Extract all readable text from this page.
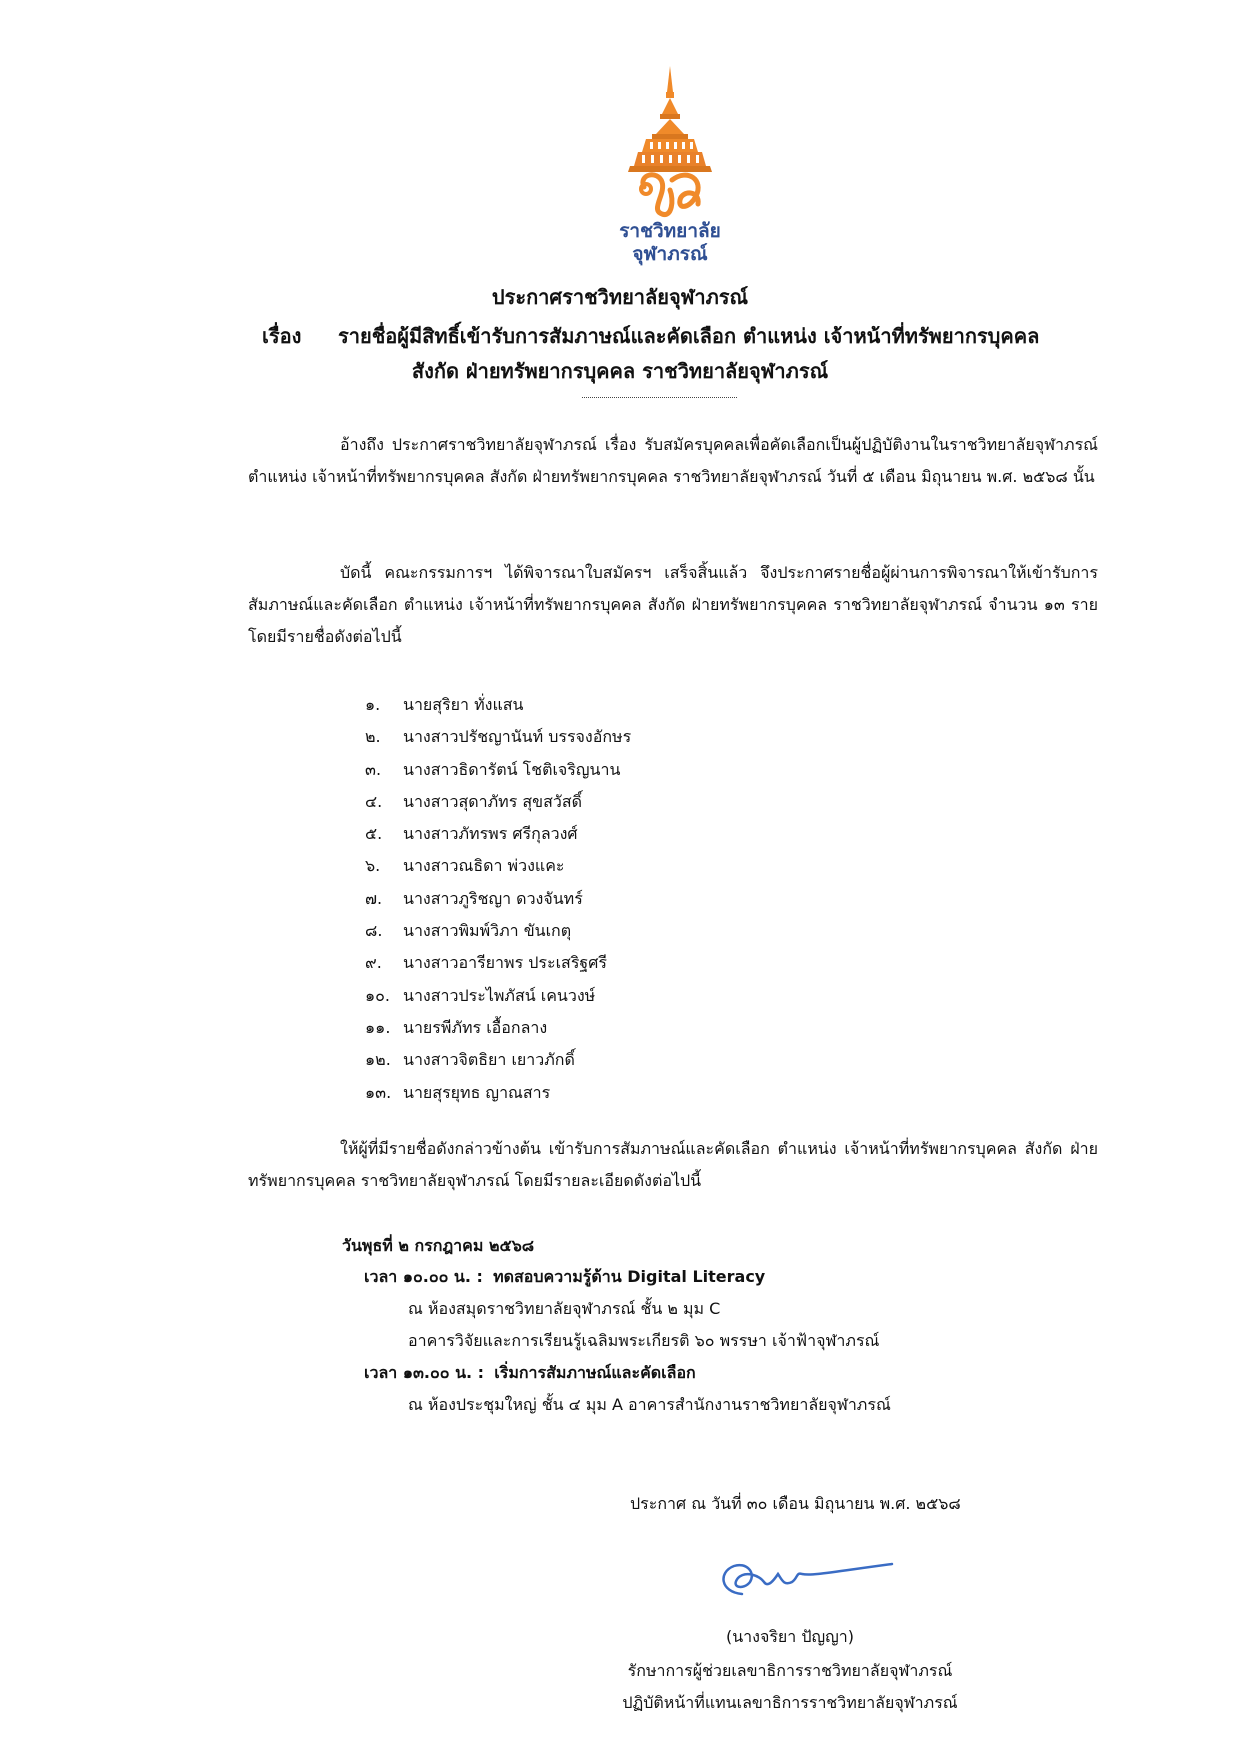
ราชวิทยาลัย
จุฬาภรณ์
ประกาศราชวิทยาลัยจุฬาภรณ์
เรื่อง รายชื่อผู้มีสิทธิ์เข้ารับการสัมภาษณ์และคัดเลือก ตำแหน่ง เจ้าหน้าที่ทรัพยากรบุคคล
สังกัด ฝ่ายทรัพยากรบุคคล ราชวิทยาลัยจุฬาภรณ์

อ้างถึง ประกาศราชวิทยาลัยจุฬาภรณ์ เรื่อง รับสมัครบุคคลเพื่อคัดเลือกเป็นผู้ปฏิบัติงานในราชวิทยาลัยจุฬาภรณ์ ตำแหน่ง เจ้าหน้าที่ทรัพยากรบุคคล สังกัด ฝ่ายทรัพยากรบุคคล ราชวิทยาลัยจุฬาภรณ์ วันที่ ๕ เดือน มิถุนายน พ.ศ. ๒๕๖๘ นั้น

บัดนี้ คณะกรรมการฯ ได้พิจารณาใบสมัครฯ เสร็จสิ้นแล้ว จึงประกาศรายชื่อผู้ผ่านการพิจารณาให้เข้ารับการสัมภาษณ์และคัดเลือก ตำแหน่ง เจ้าหน้าที่ทรัพยากรบุคคล สังกัด ฝ่ายทรัพยากรบุคคล ราชวิทยาลัยจุฬาภรณ์ จำนวน ๑๓ ราย โดยมีรายชื่อดังต่อไปนี้

๑.	นายสุริยา ทั่งแสน
๒.	นางสาวปรัชญานันท์ บรรจงอักษร
๓.	นางสาวธิดารัตน์ โชติเจริญนาน
๔.	นางสาวสุดาภัทร สุขสวัสดิ์
๕.	นางสาวภัทรพร ศรีกุลวงศ์
๖.	นางสาวณธิดา พ่วงแคะ
๗.	นางสาวภูริชญา ดวงจันทร์
๘.	นางสาวพิมพ์วิภา ขันเกตุ
๙.	นางสาวอารียาพร ประเสริฐศรี
๑๐. นางสาวประไพภัสน์ เคนวงษ์
๑๑. นายรพีภัทร เอื้อกลาง
๑๒. นางสาวจิตธิยา เยาวภักดิ์
๑๓. นายสุรยุทธ ญาณสาร

ให้ผู้ที่มีรายชื่อดังกล่าวข้างต้น เข้ารับการสัมภาษณ์และคัดเลือก ตำแหน่ง เจ้าหน้าที่ทรัพยากรบุคคล สังกัด ฝ่ายทรัพยากรบุคคล ราชวิทยาลัยจุฬาภรณ์ โดยมีรายละเอียดดังต่อไปนี้

วันพุธที่ ๒ กรกฎาคม ๒๕๖๘
เวลา ๑๐.๐๐ น. : ทดสอบความรู้ด้าน Digital Literacy
ณ ห้องสมุดราชวิทยาลัยจุฬาภรณ์ ชั้น ๒ มุม C
อาคารวิจัยและการเรียนรู้เฉลิมพระเกียรติ ๖๐ พรรษา เจ้าฟ้าจุฬาภรณ์
เวลา ๑๓.๐๐ น. : เริ่มการสัมภาษณ์และคัดเลือก
ณ ห้องประชุมใหญ่ ชั้น ๔ มุม A อาคารสำนักงานราชวิทยาลัยจุฬาภรณ์
ประกาศ ณ วันที่ ๓๐ เดือน มิถุนายน พ.ศ. ๒๕๖๘
(นางจริยา ปัญญา)
รักษาการผู้ช่วยเลขาธิการราชวิทยาลัยจุฬาภรณ์
ปฏิบัติหน้าที่แทนเลขาธิการราชวิทยาลัยจุฬาภรณ์
